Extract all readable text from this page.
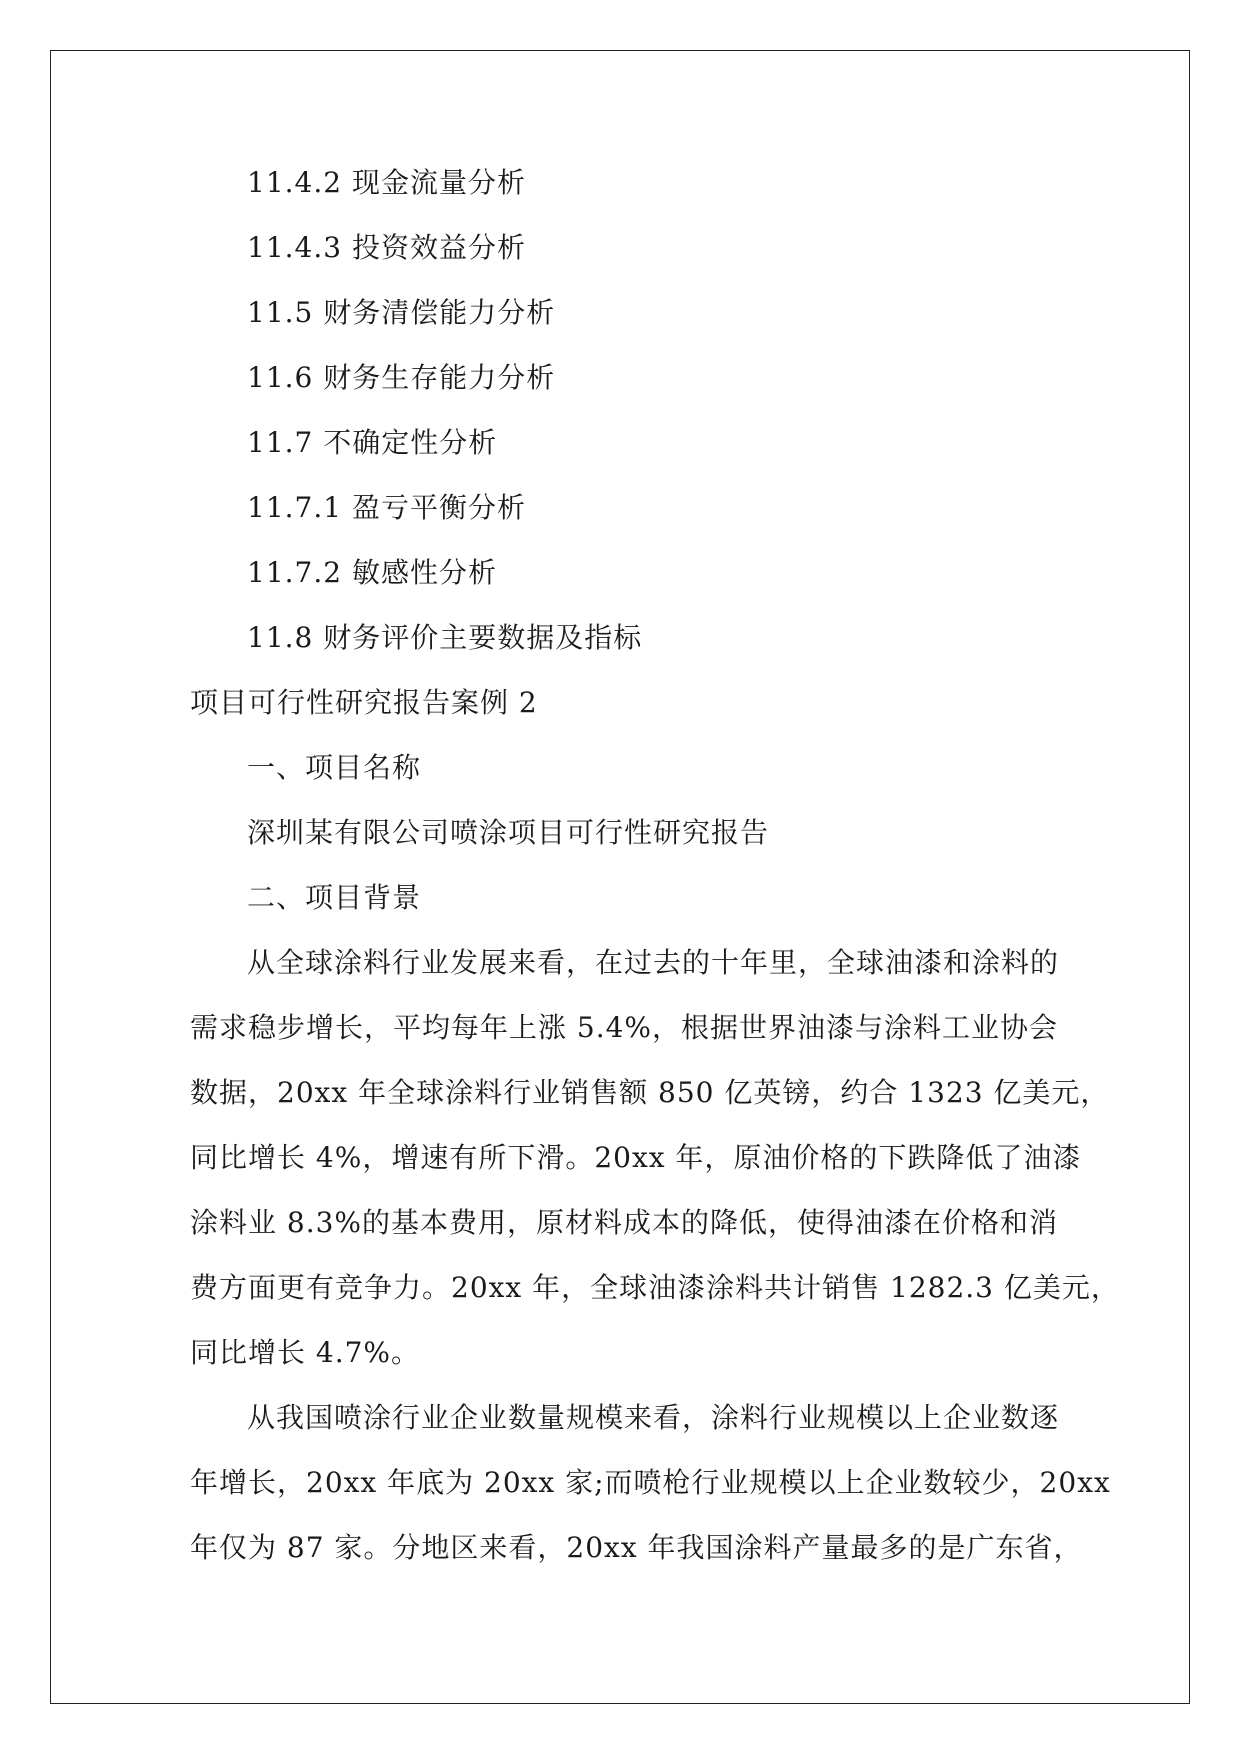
11.4.2 现金流量分析
11.4.3 投资效益分析
11.5 财务清偿能力分析
11.6 财务生存能力分析
11.7 不确定性分析
11.7.1 盈亏平衡分析
11.7.2 敏感性分析
11.8 财务评价主要数据及指标
项目可行性研究报告案例 2
一、项目名称
深圳某有限公司喷涂项目可行性研究报告
二、项目背景

从全球涂料行业发展来看，在过去的十年里，全球油漆和涂料的
需求稳步增长，平均每年上涨 5.4%，根据世界油漆与涂料工业协会
数据，20xx 年全球涂料行业销售额 850 亿英镑，约合 1323 亿美元，
同比增长 4%，增速有所下滑。20xx 年，原油价格的下跌降低了油漆
涂料业 8.3%的基本费用，原材料成本的降低，使得油漆在价格和消
费方面更有竞争力。20xx 年，全球油漆涂料共计销售 1282.3 亿美元，
同比增长 4.7%。

从我国喷涂行业企业数量规模来看，涂料行业规模以上企业数逐
年增长，20xx 年底为 20xx 家;而喷枪行业规模以上企业数较少，20xx
年仅为 87 家。分地区来看，20xx 年我国涂料产量最多的是广东省，
